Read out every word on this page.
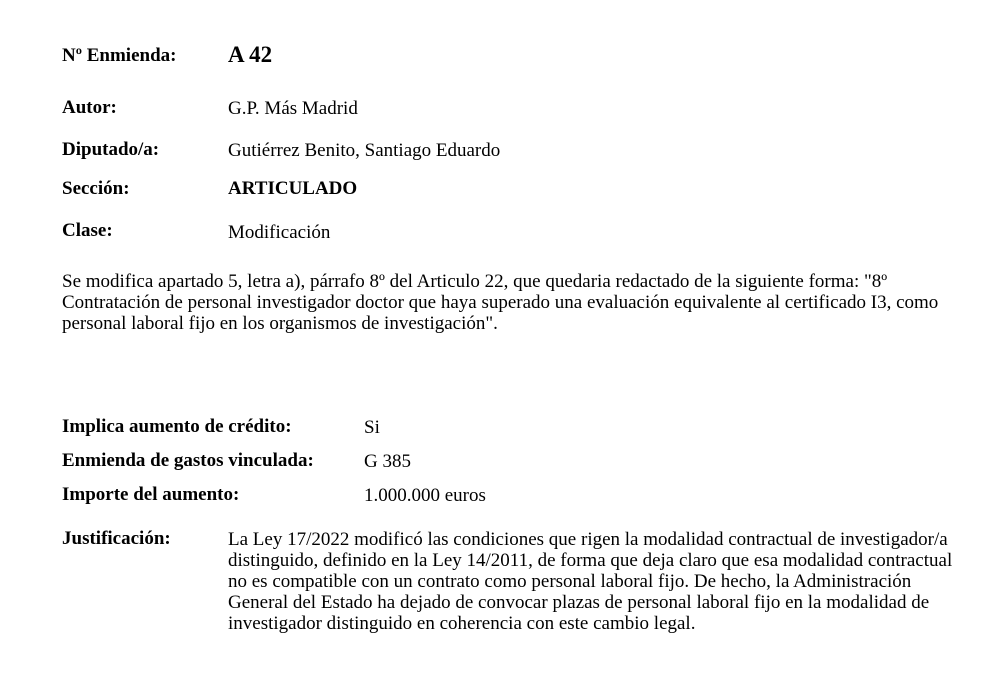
Nº Enmienda: A 42
Autor:	G.P. Más Madrid
Diputado/a:	Gutiérrez Benito, Santiago Eduardo
Sección:	ARTICULADO
Clase:	Modificación
Se modifica apartado 5, letra a), párrafo 8º del Articulo 22, que quedaria redactado de la siguiente forma: "8º Contratación de personal investigador doctor que haya superado una evaluación equivalente al certificado I3, como personal laboral fijo en los organismos de investigación".
Implica aumento de crédito:	Si
Enmienda de gastos vinculada:	G 385
Importe del aumento:	1.000.000 euros
Justificación:	La Ley 17/2022 modificó las condiciones que rigen la modalidad contractual de investigador/a distinguido, definido en la Ley 14/2011, de forma que deja claro que esa modalidad contractual no es compatible con un contrato como personal laboral fijo. De hecho, la Administración General del Estado ha dejado de convocar plazas de personal laboral fijo en la modalidad de investigador distinguido en coherencia con este cambio legal.
